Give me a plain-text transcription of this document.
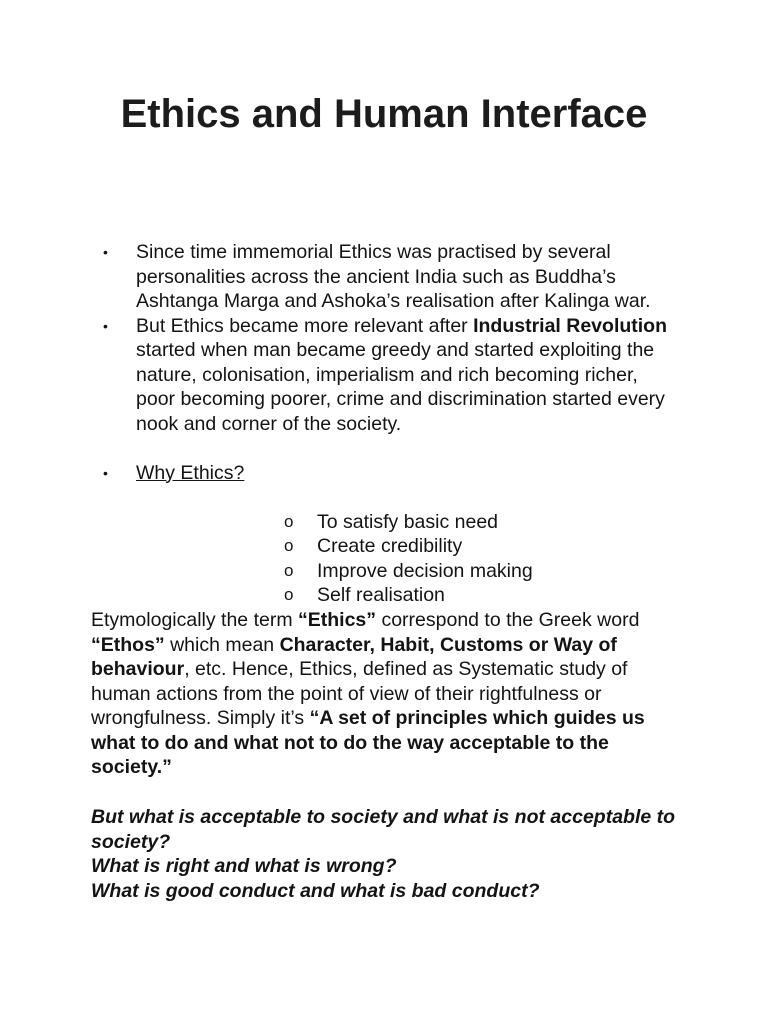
Ethics and Human Interface
• Since time immemorial Ethics was practised by several personalities across the ancient India such as Buddha’s Ashtanga Marga and Ashoka’s realisation after Kalinga war.
• But Ethics became more relevant after Industrial Revolution started when man became greedy and started exploiting the nature, colonisation, imperialism and rich becoming richer, poor becoming poorer, crime and discrimination started every nook and corner of the society.
• Why Ethics?
o To satisfy basic need
o Create credibility
o Improve decision making
o Self realisation

Etymologically the term “Ethics” correspond to the Greek word “Ethos” which mean Character, Habit, Customs or Way of behaviour, etc. Hence, Ethics, defined as Systematic study of human actions from the point of view of their rightfulness or wrongfulness. Simply it’s “A set of principles which guides us what to do and what not to do the way acceptable to the society.”

But what is acceptable to society and what is not acceptable to society?
What is right and what is wrong?
What is good conduct and what is bad conduct?
